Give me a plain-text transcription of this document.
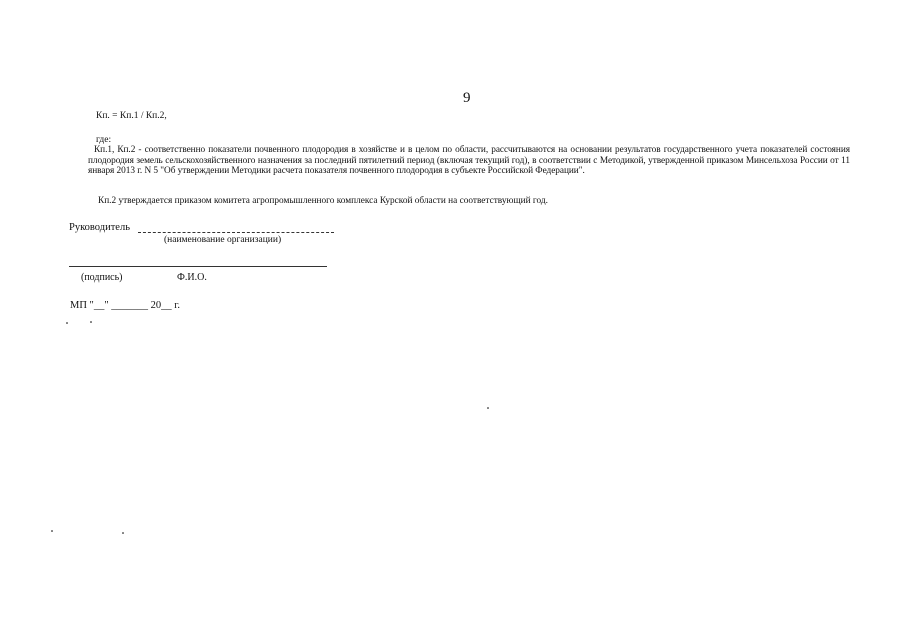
9
Кп. = Кп.1 / Кп.2,
где:
Кп.1, Кп.2 - соответственно показатели почвенного плодородия в хозяйстве и в целом по области, рассчитываются на основании результатов государственного учета показателей состояния плодородия земель сельскохозяйственного назначения за последний пятилетний период (включая текущий год), в соответствии с Методикой, утвержденной приказом Минсельхоза России от 11 января 2013 г. N 5 "Об утверждении Методики расчета показателя почвенного плодородия в субъекте Российской Федерации".
Кп.2 утверждается приказом комитета агропромышленного комплекса Курской области на соответствующий год.
Руководитель
(наименование организации)
(подпись)	Ф.И.О.
МП "__" _______ 20__ г.
